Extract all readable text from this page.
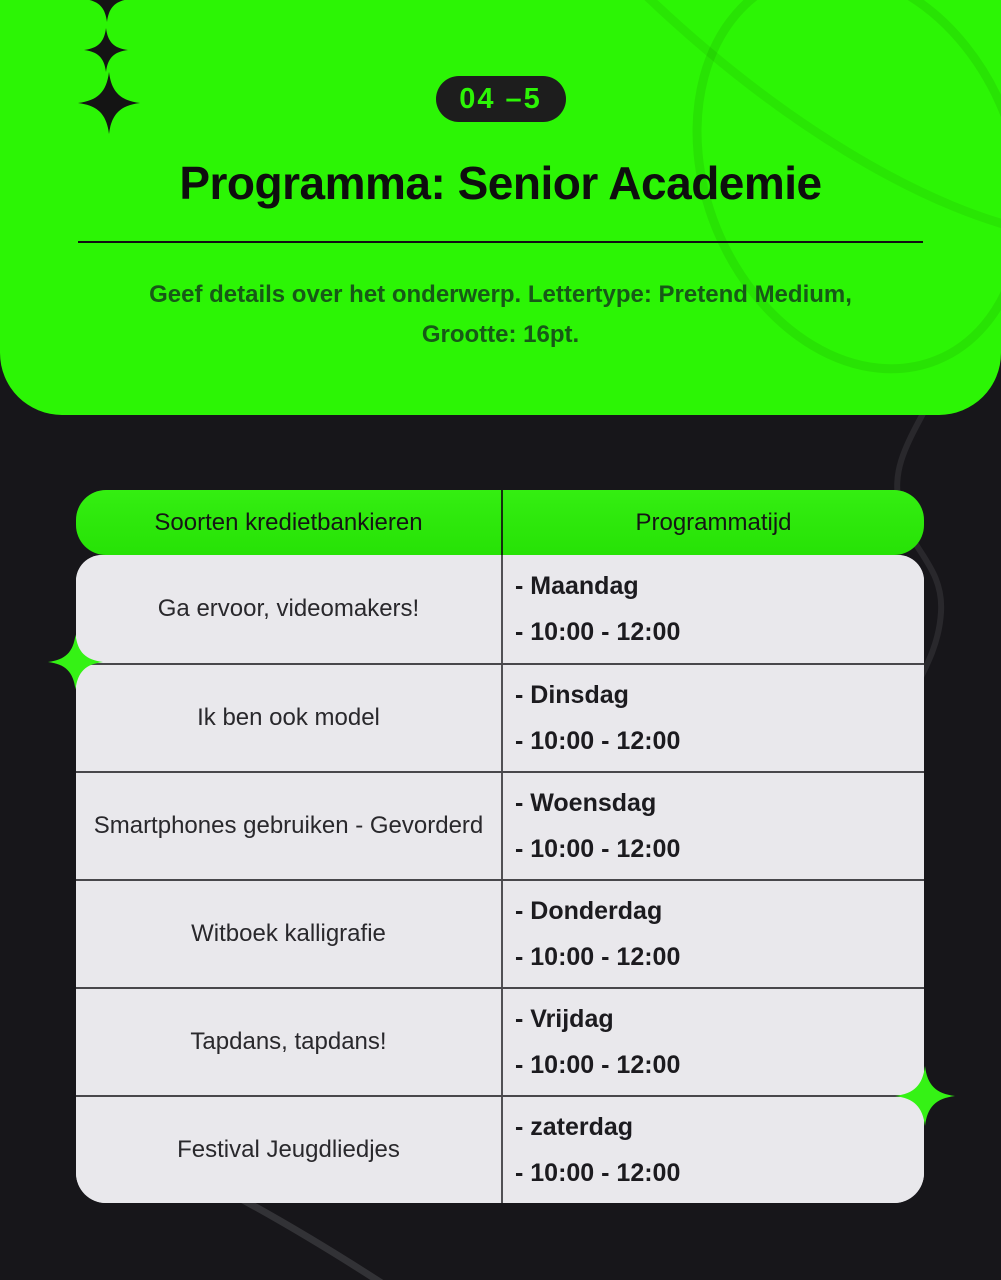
04 –5
Programma: Senior Academie
Geef details over het onderwerp. Lettertype: Pretend Medium,
Grootte: 16pt.
Soorten kredietbankieren	Programmatijd
Ga ervoor, videomakers!
- Maandag
- 10:00 - 12:00
Ik ben ook model
- Dinsdag
- 10:00 - 12:00
Smartphones gebruiken - Gevorderd
- Woensdag
- 10:00 - 12:00
Witboek kalligrafie
- Donderdag
- 10:00 - 12:00
Tapdans, tapdans!
- Vrijdag
- 10:00 - 12:00
Festival Jeugdliedjes
- zaterdag
- 10:00 - 12:00
